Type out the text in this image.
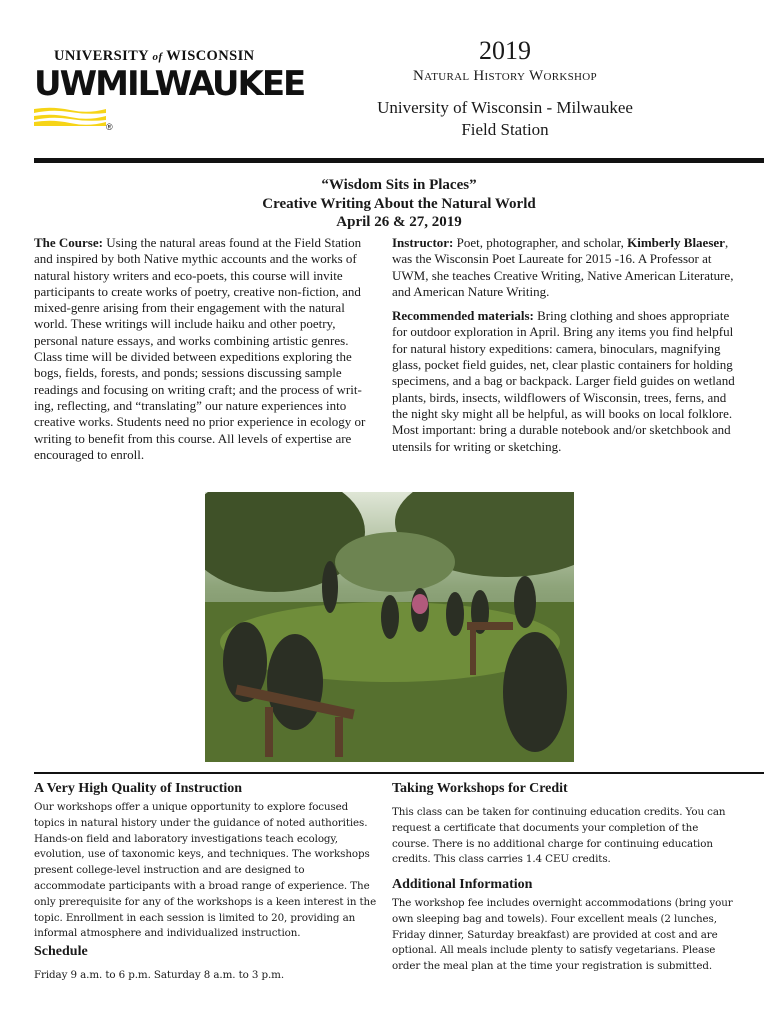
UNIVERSITY of WISCONSIN
UWMILWAUKEE
®
2019
Natural History Workshop
University of Wisconsin - Milwaukee
Field Station
“Wisdom Sits in Places”
Creative Writing About the Natural World
April 26 & 27, 2019

The Course: Using the natural areas found at the Field Station and inspired by both Native mythic accounts and the works of natural history writers and eco-poets, this course will invite participants to create works of poetry, creative non-fiction, and mixed-genre arising from their engagement with the natural world. These writings will include haiku and other poetry, personal nature essays, and works combining artistic genres. Class time will be divided between expeditions exploring the bogs, fields, forests, and ponds; sessions discussing sample readings and focusing on writing craft; and the process of writ-ing, reflecting, and “translating” our nature experiences into creative works. Students need no prior experience in ecology or writing to benefit from this course. All levels of expertise are encouraged to enroll.

Instructor: Poet, photographer, and scholar, Kimberly Blaeser, was the Wisconsin Poet Laureate for 2015 -16. A Professor at UWM, she teaches Creative Writing, Native American Literature, and American Nature Writing.

Recommended materials: Bring clothing and shoes appropriate for outdoor exploration in April. Bring any items you find helpful for natural history expeditions: camera, binoculars, magnifying glass, pocket field guides, net, clear plastic containers for holding specimens, and a bag or backpack. Larger field guides on wetland plants, birds, insects, wildflowers of Wisconsin, trees, ferns, and the night sky might all be helpful, as will books on local folklore. Most important: bring a durable notebook and/or sketchbook and utensils for writing or sketching.

A Very High Quality of Instruction
Our workshops offer a unique opportunity to explore focused topics in natural history under the guidance of noted authorities. Hands-on field and laboratory investigations teach ecology, evolution, use of taxonomic keys, and techniques. The workshops present college-level instruction and are designed to accommodate participants with a broad range of experience. The only prerequisite for any of the workshops is a keen interest in the topic. Enrollment in each session is limited to 20, providing an informal atmosphere and individualized instruction.
Schedule
Friday 9 a.m. to 6 p.m. Saturday 8 a.m. to 3 p.m.
Taking Workshops for Credit
This class can be taken for continuing education credits. You can request a certificate that documents your completion of the course. There is no additional charge for continuing education credits. This class carries 1.4 CEU credits.
Additional Information
The workshop fee includes overnight accommodations (bring your own sleeping bag and towels). Four excellent meals (2 lunches, Friday dinner, Saturday breakfast) are provided at cost and are optional. All meals include plenty to satisfy vegetarians. Please order the meal plan at the time your registration is submitted.
